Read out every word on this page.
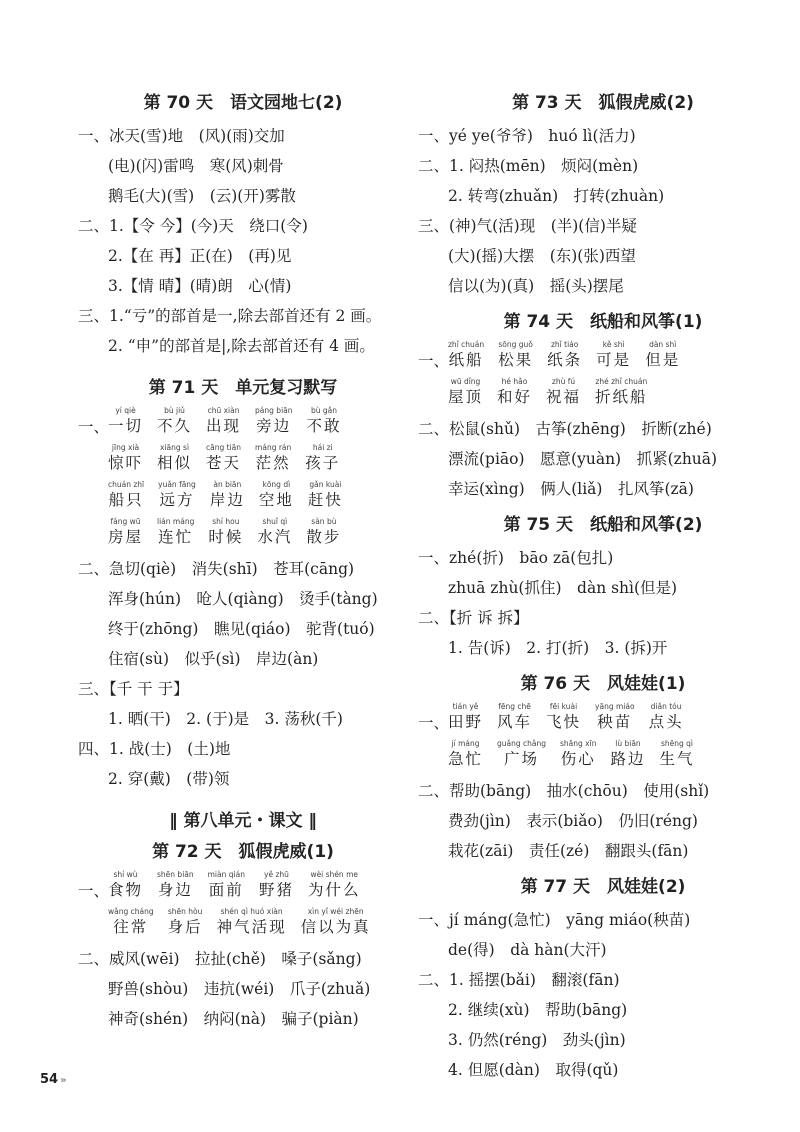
第 70 天　语文园地七(2)
一、冰天(雪)地　(风)(雨)交加
(电)(闪)雷鸣　寒(风)刺骨
鹅毛(大)(雪)　(云)(开)雾散
二、1.【令 今】(今)天　绕口(令)
2.【在 再】正(在)　(再)见
3.【情 晴】(晴)朗　心(情)
三、1.“亏”的部首是一,除去部首还有 2 画。
2. “申”的部首是|,除去部首还有 4 画。
第 71 天　单元复习默写
一、
yí qiè
一切
bù jiǔ
不久
chū xiàn
出现
páng biān
旁边
bù gǎn
不敢
jīng xià
惊吓
xiāng sì
相似
cāng tiān
苍天
máng rán
茫然
hái zi
孩子
chuán zhī
船只
yuǎn fāng
远方
àn biān
岸边
kōng dì
空地
gǎn kuài
赶快
fáng wū
房屋
lián máng
连忙
shí hou
时候
shuǐ qì
水汽
sàn bù
散步
二、急切(qiè)　消失(shī)　苍耳(cāng)
浑身(hún)　呛人(qiàng)　烫手(tàng)
终于(zhōng)　瞧见(qiáo)　驼背(tuó)
住宿(sù)　似乎(sì)　岸边(àn)
三、【千 干 于】
1. 晒(干)　2. (于)是　3. 荡秋(千)
四、1. 战(士)　(土)地
2. 穿(戴)　(带)领
‖ 第八单元・课文 ‖
第 72 天　狐假虎威(1)
一、
shí wù
食物
shēn biān
身边
miàn qián
面前
yě zhū
野猪
wèi shén me
为什么
wǎng cháng
往常
shēn hòu
身后
shén qì huó xiàn
神气活现
xìn yǐ wéi zhēn
信以为真
二、威风(wēi)　拉扯(chě)　嗓子(sǎng)
野兽(shòu)　违抗(wéi)　爪子(zhuǎ)
神奇(shén)　纳闷(nà)　骗子(piàn)
第 73 天　狐假虎威(2)
一、yé ye(爷爷)　huó lì(活力)
二、1. 闷热(mēn)　烦闷(mèn)
2. 转弯(zhuǎn)　打转(zhuàn)
三、(神)气(活)现　(半)(信)半疑
(大)(摇)大摆　(东)(张)西望
信以(为)(真)　摇(头)摆尾
第 74 天　纸船和风筝(1)
一、
zhǐ chuán
纸船
sōng guǒ
松果
zhǐ tiáo
纸条
kě shì
可是
dàn shì
但是
wū dǐng
屋顶
hé hǎo
和好
zhù fú
祝福
zhé zhǐ chuán
折纸船
二、松鼠(shǔ)　古筝(zhēng)　折断(zhé)
漂流(piāo)　愿意(yuàn)　抓紧(zhuā)
幸运(xìng)　俩人(liǎ)　扎风筝(zā)
第 75 天　纸船和风筝(2)
一、zhé(折)　bāo zā(包扎)
zhuā zhù(抓住)　dàn shì(但是)
二、【折 诉 拆】
1. 告(诉)　2. 打(折)　3. (拆)开
第 76 天　风娃娃(1)
一、
tián yě
田野
fēng chē
风车
fēi kuài
飞快
yāng miáo
秧苗
diǎn tóu
点头
jí máng
急忙
guǎng chǎng
广场
shāng xīn
伤心
lù biān
路边
shēng qì
生气
二、帮助(bāng)　抽水(chōu)　使用(shǐ)
费劲(jìn)　表示(biǎo)　仍旧(réng)
栽花(zāi)　责任(zé)　翻跟头(fān)
第 77 天　风娃娃(2)
一、jí máng(急忙)　yāng miáo(秧苗)
de(得)　dà hàn(大汗)
二、1. 摇摆(bǎi)　翻滚(fān)
2. 继续(xù)　帮助(bāng)
3. 仍然(réng)　劲头(jìn)
4. 但愿(dàn)　取得(qǔ)
54 »
